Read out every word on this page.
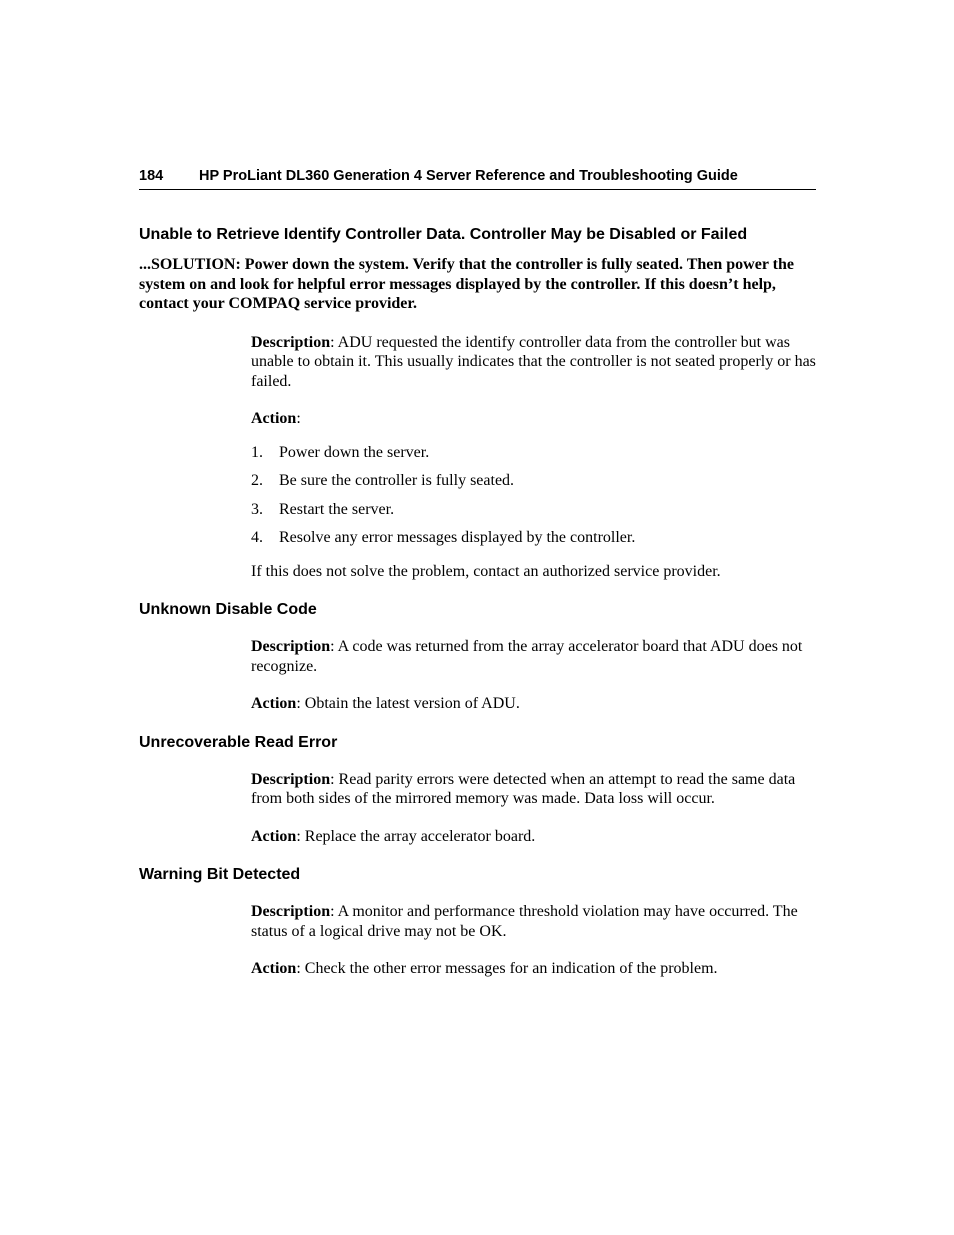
184 HP ProLiant DL360 Generation 4 Server Reference and Troubleshooting Guide
Unable to Retrieve Identify Controller Data. Controller May be Disabled or Failed

...SOLUTION: Power down the system. Verify that the controller is fully seated. Then power the system on and look for helpful error messages displayed by the controller. If this doesn’t help, contact your COMPAQ service provider.

Description: ADU requested the identify controller data from the controller but was unable to obtain it. This usually indicates that the controller is not seated properly or has failed.

Action:

1. Power down the server.
2. Be sure the controller is fully seated.
3. Restart the server.
4. Resolve any error messages displayed by the controller.

If this does not solve the problem, contact an authorized service provider.

Unknown Disable Code

Description: A code was returned from the array accelerator board that ADU does not recognize.

Action: Obtain the latest version of ADU.

Unrecoverable Read Error

Description: Read parity errors were detected when an attempt to read the same data from both sides of the mirrored memory was made. Data loss will occur.

Action: Replace the array accelerator board.

Warning Bit Detected

Description: A monitor and performance threshold violation may have occurred. The status of a logical drive may not be OK.

Action: Check the other error messages for an indication of the problem.
